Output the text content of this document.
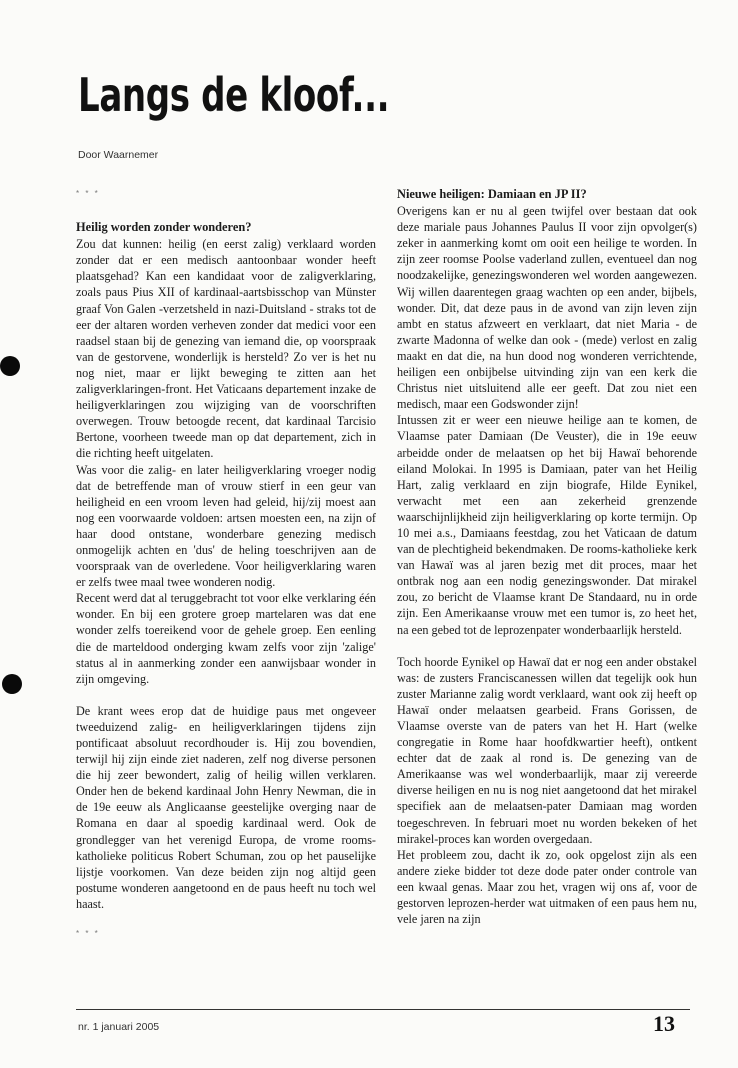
Langs de kloof...
Door Waarnemer
* * *
Heilig worden zonder wonderen?

Zou dat kunnen: heilig (en eerst zalig) verklaard worden zonder dat er een medisch aantoonbaar wonder heeft plaatsgehad? Kan een kandidaat voor de zaligverklaring, zoals paus Pius XII of kardinaal-aartsbisschop van Münster graaf Von Galen -verzetsheld in nazi-Duitsland - straks tot de eer der altaren worden verheven zonder dat medici voor een raadsel staan bij de genezing van iemand die, op voorspraak van de gestorvene, wonderlijk is hersteld? Zo ver is het nu nog niet, maar er lijkt beweging te zitten aan het zaligverklaringen-front. Het Vaticaans departement inzake de heiligverklaringen zou wijziging van de voorschriften overwegen. Trouw betoogde recent, dat kardinaal Tarcisio Bertone, voorheen tweede man op dat departement, zich in die richting heeft uitgelaten.

Was voor die zalig- en later heiligverklaring vroeger nodig dat de betreffende man of vrouw stierf in een geur van heiligheid en een vroom leven had geleid, hij/zij moest aan nog een voorwaarde voldoen: artsen moesten een, na zijn of haar dood ontstane, wonderbare genezing medisch onmogelijk achten en 'dus' de heling toeschrijven aan de voorspraak van de overledene. Voor heiligverklaring waren er zelfs twee maal twee wonderen nodig.

Recent werd dat al teruggebracht tot voor elke verklaring één wonder. En bij een grotere groep martelaren was dat ene wonder zelfs toereikend voor de gehele groep. Een eenling die de marteldood onderging kwam zelfs voor zijn 'zalige' status al in aanmerking zonder een aanwijsbaar wonder in zijn omgeving.

De krant wees erop dat de huidige paus met ongeveer tweeduizend zalig- en heiligverklaringen tijdens zijn pontificaat absoluut recordhouder is. Hij zou bovendien, terwijl hij zijn einde ziet naderen, zelf nog diverse personen die hij zeer bewondert, zalig of heilig willen verklaren. Onder hen de bekend kardinaal John Henry Newman, die in de 19e eeuw als Anglicaanse geestelijke overging naar de Romana en daar al spoedig kardinaal werd. Ook de grondlegger van het verenigd Europa, de vrome rooms-katholieke politicus Robert Schuman, zou op het pauselijke lijstje voorkomen. Van deze beiden zijn nog altijd geen postume wonderen aangetoond en de paus heeft nu toch wel haast.

* * *
Nieuwe heiligen: Damiaan en JP II?

Overigens kan er nu al geen twijfel over bestaan dat ook deze mariale paus Johannes Paulus II voor zijn opvolger(s) zeker in aanmerking komt om ooit een heilige te worden. In zijn zeer roomse Poolse vaderland zullen, eventueel dan nog noodzakelijke, genezingswonderen wel worden aangewezen. Wij willen daarentegen graag wachten op een ander, bijbels, wonder. Dit, dat deze paus in de avond van zijn leven zijn ambt en status afzweert en verklaart, dat niet Maria - de zwarte Madonna of welke dan ook - (mede) verlost en zalig maakt en dat die, na hun dood nog wonderen verrichtende, heiligen een onbijbelse uitvinding zijn van een kerk die Christus niet uitsluitend alle eer geeft. Dat zou niet een medisch, maar een Godswonder zijn!

Intussen zit er weer een nieuwe heilige aan te komen, de Vlaamse pater Damiaan (De Veuster), die in 19e eeuw arbeidde onder de melaatsen op het bij Hawaï behorende eiland Molokai. In 1995 is Damiaan, pater van het Heilig Hart, zalig verklaard en zijn biografe, Hilde Eynikel, verwacht met een aan zekerheid grenzende waarschijnlijkheid zijn heiligverklaring op korte termijn. Op 10 mei a.s., Damiaans feestdag, zou het Vaticaan de datum van de plechtigheid bekendmaken. De rooms-katholieke kerk van Hawaï was al jaren bezig met dit proces, maar het ontbrak nog aan een nodig genezingswonder. Dat mirakel zou, zo bericht de Vlaamse krant De Standaard, nu in orde zijn. Een Amerikaanse vrouw met een tumor is, zo heet het, na een gebed tot de leprozenpater wonderbaarlijk hersteld.

Toch hoorde Eynikel op Hawaï dat er nog een ander obstakel was: de zusters Franciscanessen willen dat tegelijk ook hun zuster Marianne zalig wordt verklaard, want ook zij heeft op Hawaï onder melaatsen gearbeid. Frans Gorissen, de Vlaamse overste van de paters van het H. Hart (welke congregatie in Rome haar hoofdkwartier heeft), ontkent echter dat de zaak al rond is. De genezing van de Amerikaanse was wel wonderbaarlijk, maar zij vereerde diverse heiligen en nu is nog niet aangetoond dat het mirakel specifiek aan de melaatsen-pater Damiaan mag worden toegeschreven. In februari moet nu worden bekeken of het mirakel-proces kan worden overgedaan.

Het probleem zou, dacht ik zo, ook opgelost zijn als een andere zieke bidder tot deze dode pater onder controle van een kwaal genas. Maar zou het, vragen wij ons af, voor de gestorven leprozen-herder wat uitmaken of een paus hem nu, vele jaren na zijn

nr. 1 januari 2005	13
